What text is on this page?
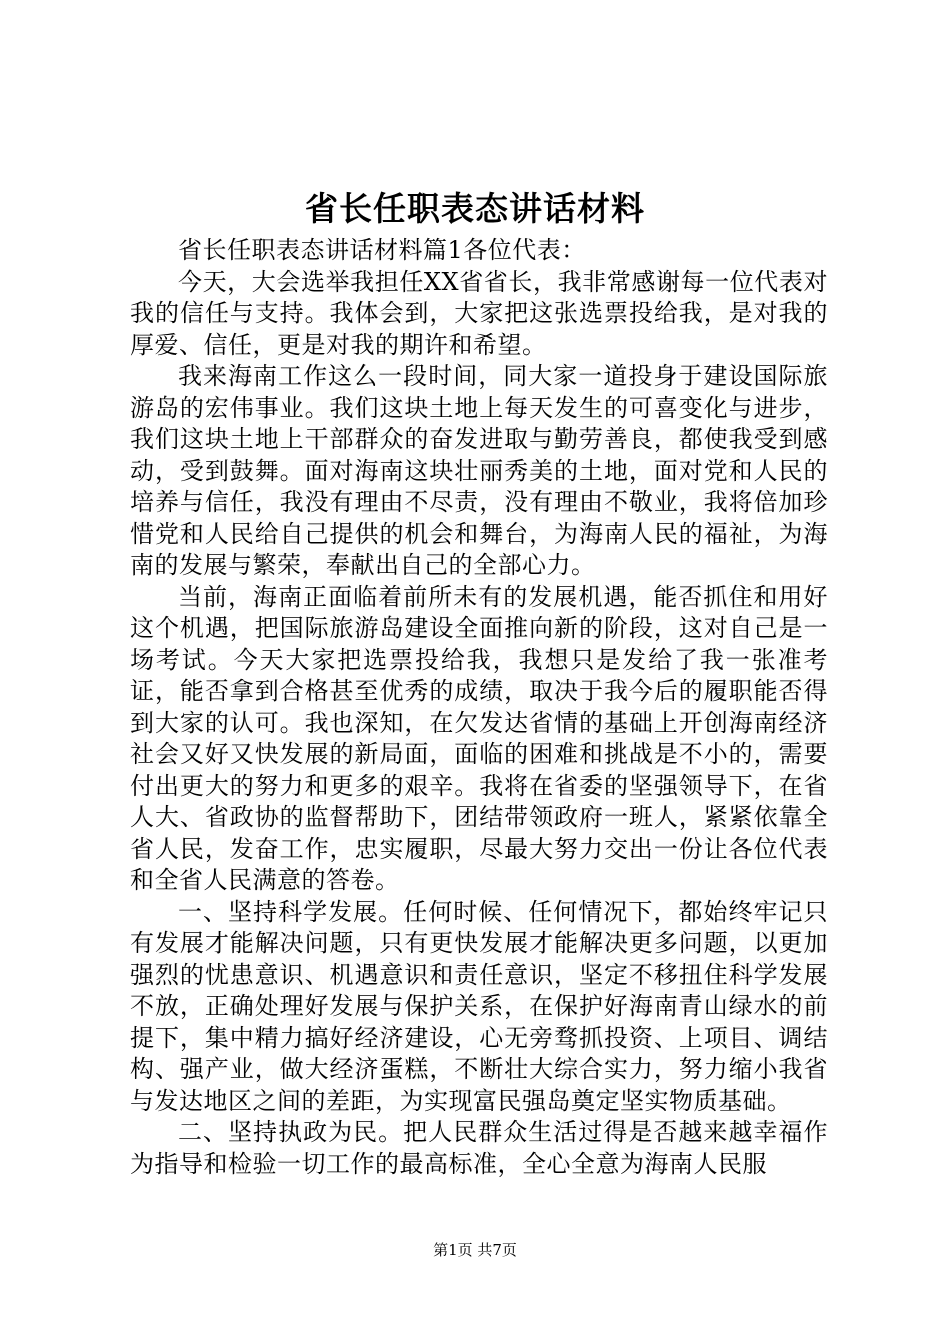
省长任职表态讲话材料

省长任职表态讲话材料篇1各位代表：

今天，大会选举我担任XX省省长，我非常感谢每一位代表对我的信任与支持。我体会到，大家把这张选票投给我，是对我的厚爱、信任，更是对我的期许和希望。

我来海南工作这么一段时间，同大家一道投身于建设国际旅游岛的宏伟事业。我们这块土地上每天发生的可喜变化与进步，我们这块土地上干部群众的奋发进取与勤劳善良，都使我受到感动，受到鼓舞。面对海南这块壮丽秀美的土地，面对党和人民的培养与信任，我没有理由不尽责，没有理由不敬业，我将倍加珍惜党和人民给自己提供的机会和舞台，为海南人民的福祉，为海南的发展与繁荣，奉献出自己的全部心力。

当前，海南正面临着前所未有的发展机遇，能否抓住和用好这个机遇，把国际旅游岛建设全面推向新的阶段，这对自己是一场考试。今天大家把选票投给我，我想只是发给了我一张准考证，能否拿到合格甚至优秀的成绩，取决于我今后的履职能否得到大家的认可。我也深知，在欠发达省情的基础上开创海南经济社会又好又快发展的新局面，面临的困难和挑战是不小的，需要付出更大的努力和更多的艰辛。我将在省委的坚强领导下，在省人大、省政协的监督帮助下，团结带领政府一班人，紧紧依靠全省人民，发奋工作，忠实履职，尽最大努力交出一份让各位代表和全省人民满意的答卷。

一、坚持科学发展。任何时候、任何情况下，都始终牢记只有发展才能解决问题，只有更快发展才能解决更多问题，以更加强烈的忧患意识、机遇意识和责任意识，坚定不移扭住科学发展不放，正确处理好发展与保护关系，在保护好海南青山绿水的前提下，集中精力搞好经济建设，心无旁骛抓投资、上项目、调结构、强产业，做大经济蛋糕，不断壮大综合实力，努力缩小我省与发达地区之间的差距，为实现富民强岛奠定坚实物质基础。

二、坚持执政为民。把人民群众生活过得是否越来越幸福作为指导和检验一切工作的最高标准，全心全意为海南人民服

第1页 共7页
